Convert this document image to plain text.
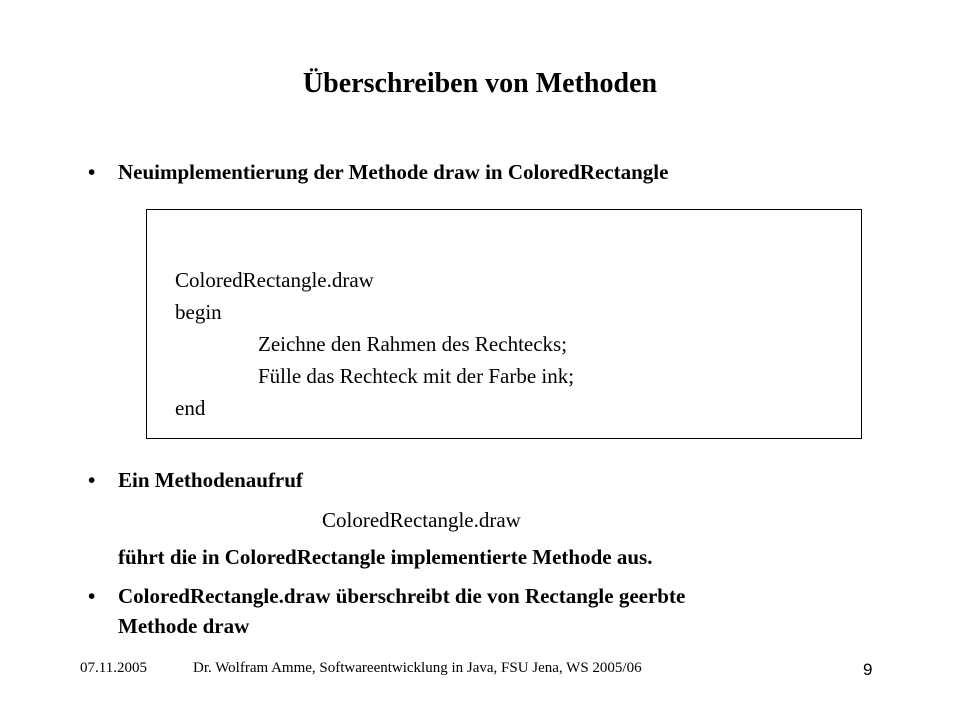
Überschreiben von Methoden
• Neuimplementierung der Methode draw in ColoredRectangle
ColoredRectangle.draw
begin
Zeichne den Rahmen des Rechtecks;
Fülle das Rechteck mit der Farbe ink;
end
• Ein Methodenaufruf
ColoredRectangle.draw
führt die in ColoredRectangle implementierte Methode aus.
• ColoredRectangle.draw überschreibt die von Rectangle geerbte
Methode draw
07.11.2005	Dr. Wolfram Amme, Softwareentwicklung in Java, FSU Jena, WS 2005/06	9
